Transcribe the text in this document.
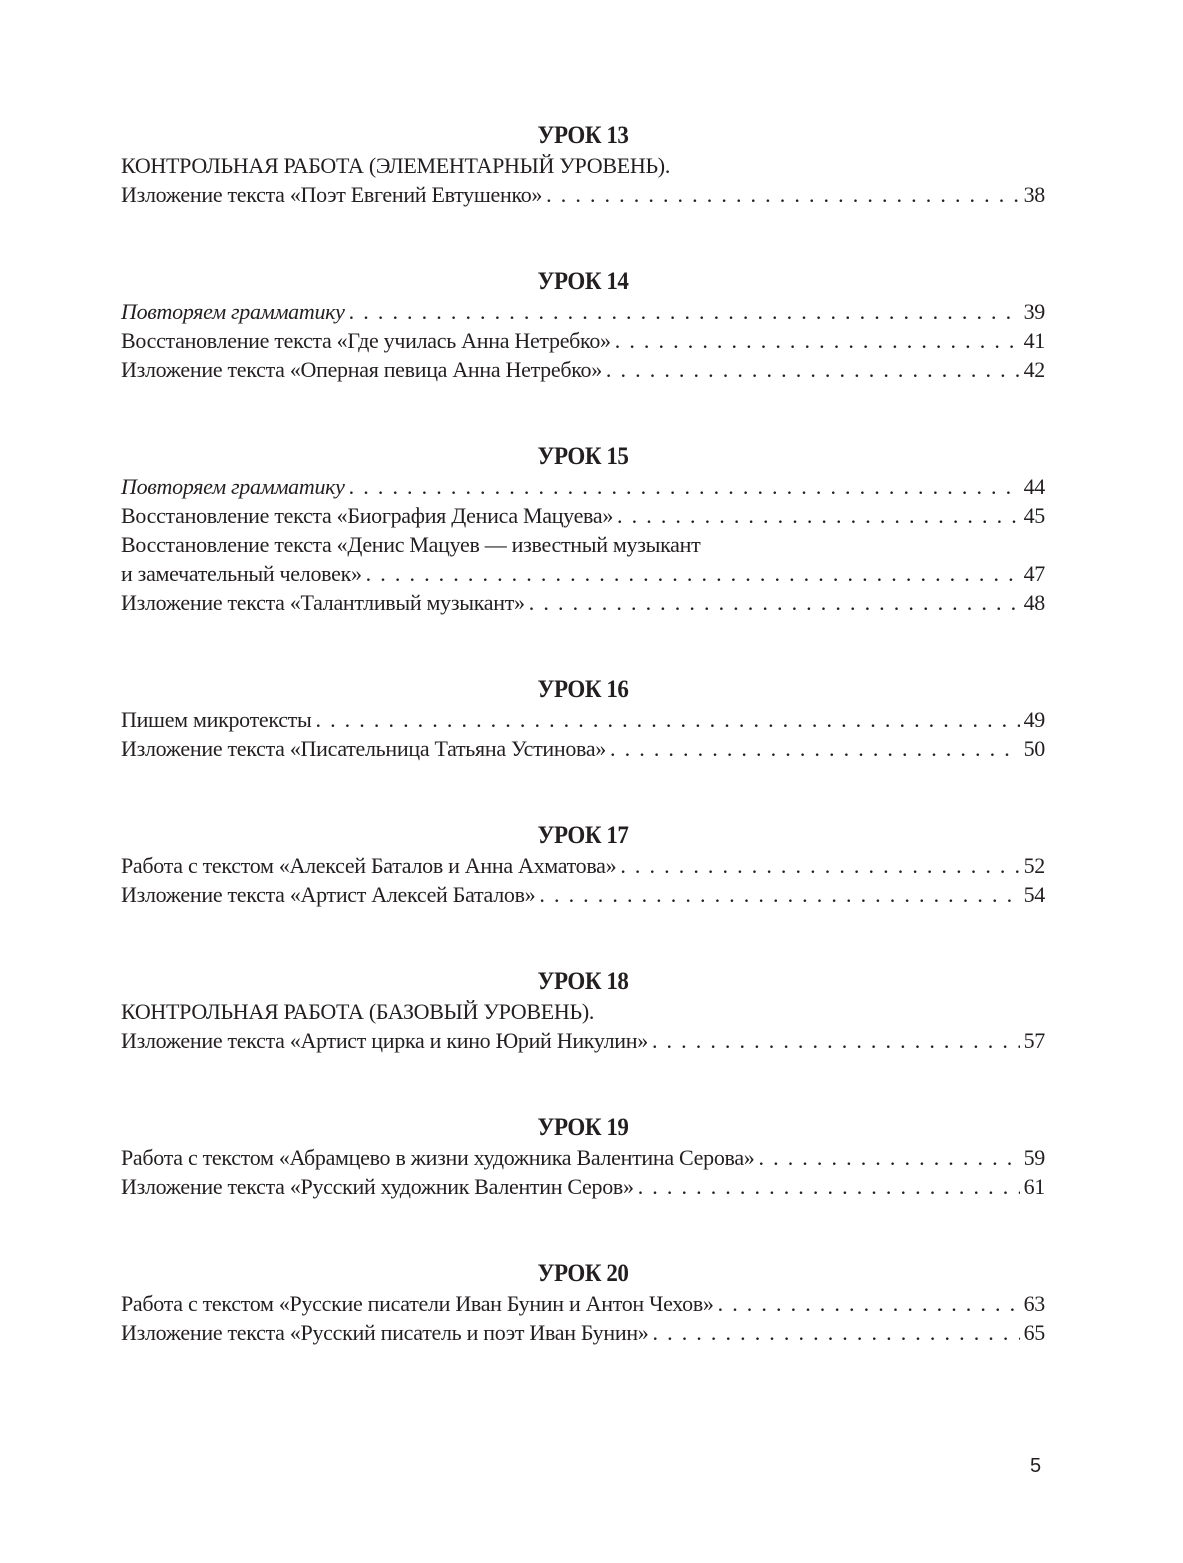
УРОК 13
КОНТРОЛЬНАЯ РАБОТА (ЭЛЕМЕНТАРНЫЙ УРОВЕНЬ).
Изложение текста «Поэт Евгений Евтушенко» . . .	38
УРОК 14
Повторяем грамматику . . .	39
Восстановление текста «Где училась Анна Нетребко» . . .	41
Изложение текста «Оперная певица Анна Нетребко» . . .	42
УРОК 15
Повторяем грамматику . . .	44
Восстановление текста «Биография Дениса Мацуева» . . .	45
Восстановление текста «Денис Мацуев — известный музыкант
и замечательный человек» . . .	47
Изложение текста «Талантливый музыкант» . . .	48
УРОК 16
Пишем микротексты . . .	49
Изложение текста «Писательница Татьяна Устинова» . . .	50
УРОК 17
Работа с текстом «Алексей Баталов и Анна Ахматова» . . .	52
Изложение текста «Артист Алексей Баталов» . . .	54
УРОК 18
КОНТРОЛЬНАЯ РАБОТА (БАЗОВЫЙ УРОВЕНЬ).
Изложение текста «Артист цирка и кино Юрий Никулин» . . .	57
УРОК 19
Работа с текстом «Абрамцево в жизни художника Валентина Серова» . . .	59
Изложение текста «Русский художник Валентин Серов» . . .	61
УРОК 20
Работа с текстом «Русские писатели Иван Бунин и Антон Чехов» . . .	63
Изложение текста «Русский писатель и поэт Иван Бунин» . . .	65
5
